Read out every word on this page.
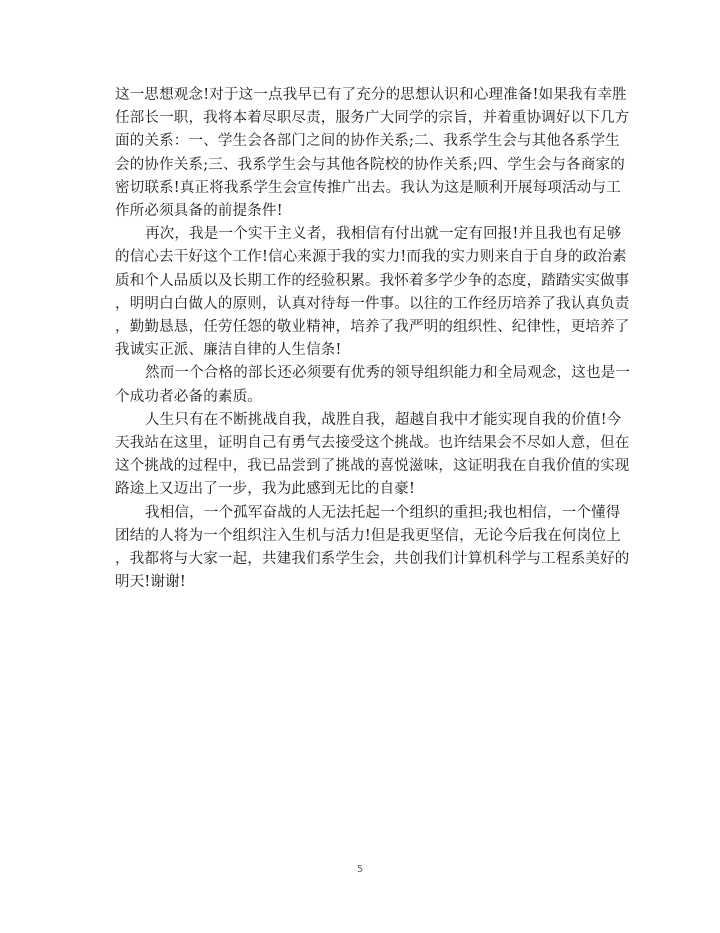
这一思想观念!对于这一点我早已有了充分的思想认识和心理准备!如果我有幸胜
任部长一职，我将本着尽职尽责，服务广大同学的宗旨，并着重协调好以下几方
面的关系：一、学生会各部门之间的协作关系;二、我系学生会与其他各系学生
会的协作关系;三、我系学生会与其他各院校的协作关系;四、学生会与各商家的
密切联系!真正将我系学生会宣传推广出去。我认为这是顺利开展每项活动与工
作所必须具备的前提条件!

再次，我是一个实干主义者，我相信有付出就一定有回报!并且我也有足够
的信心去干好这个工作!信心来源于我的实力!而我的实力则来自于自身的政治素
质和个人品质以及长期工作的经验积累。我怀着多学少争的态度，踏踏实实做事
，明明白白做人的原则，认真对待每一件事。以往的工作经历培养了我认真负责
，勤勤恳恳，任劳任怨的敬业精神，培养了我严明的组织性、纪律性，更培养了
我诚实正派、廉洁自律的人生信条!

然而一个合格的部长还必须要有优秀的领导组织能力和全局观念，这也是一
个成功者必备的素质。

人生只有在不断挑战自我，战胜自我，超越自我中才能实现自我的价值!今
天我站在这里，证明自己有勇气去接受这个挑战。也许结果会不尽如人意，但在
这个挑战的过程中，我已品尝到了挑战的喜悦滋味，这证明我在自我价值的实现
路途上又迈出了一步，我为此感到无比的自豪!

我相信，一个孤军奋战的人无法托起一个组织的重担;我也相信，一个懂得
团结的人将为一个组织注入生机与活力!但是我更坚信，无论今后我在何岗位上
，我都将与大家一起，共建我们系学生会，共创我们计算机科学与工程系美好的
明天!谢谢!

5
